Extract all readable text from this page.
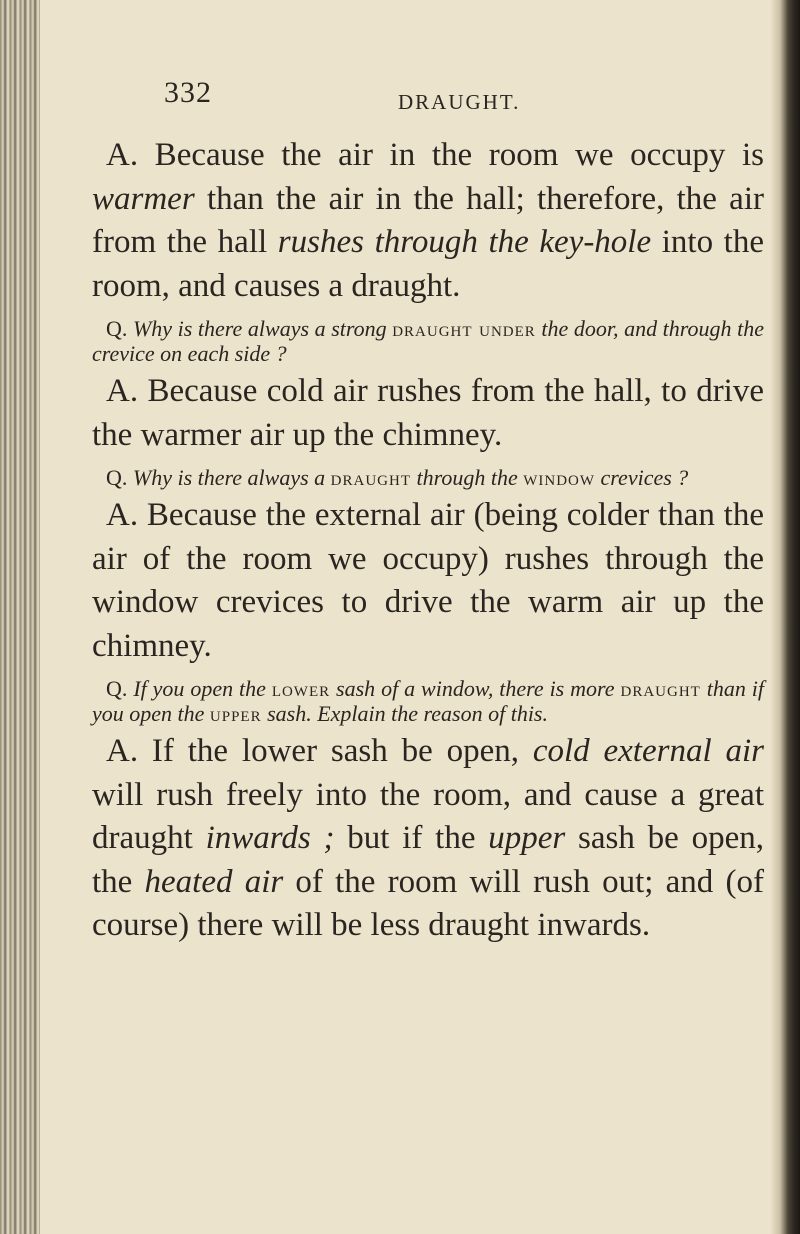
332	DRAUGHT.

A. Because the air in the room we occupy is warmer than the air in the hall; therefore, the air from the hall rushes through the key-hole into the room, and causes a draught.

Q. Why is there always a strong draught under the door, and through the crevice on each side ?

A. Because cold air rushes from the hall, to drive the warmer air up the chimney.

Q. Why is there always a draught through the window crevices ?

A. Because the external air (being colder than the air of the room we occupy) rushes through the window crevices to drive the warm air up the chimney.

Q. If you open the lower sash of a window, there is more draught than if you open the upper sash. Explain the reason of this.

A. If the lower sash be open, cold external air will rush freely into the room, and cause a great draught inwards ; but if the upper sash be open, the heated air of the room will rush out; and (of course) there will be less draught inwards.
